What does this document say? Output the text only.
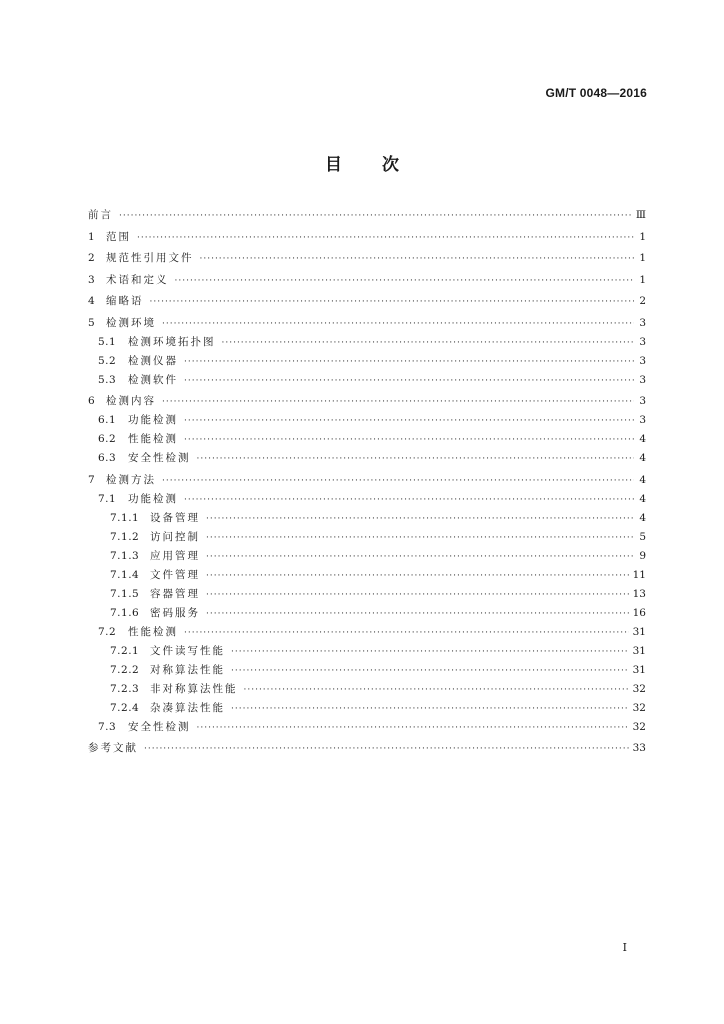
GM/T 0048—2016
目次
前言 ·····	Ⅲ
1	范围 ·····	1
2	规范性引用文件 ·····	1
3	术语和定义 ·····	1
4	缩略语 ·····	2
5	检测环境 ·····	3
5.1	检测环境拓扑图 ·····	3
5.2	检测仪器 ·····	3
5.3	检测软件 ·····	3
6	检测内容 ·····	3
6.1	功能检测 ·····	3
6.2	性能检测 ·····	4
6.3	安全性检测 ·····	4
7	检测方法 ·····	4
7.1	功能检测 ·····	4
7.1.1	设备管理 ·····	4
7.1.2	访问控制 ·····	5
7.1.3	应用管理 ·····	9
7.1.4	文件管理 ·····	11
7.1.5	容器管理 ·····	13
7.1.6	密码服务 ·····	16
7.2	性能检测 ·····	31
7.2.1	文件读写性能 ·····	31
7.2.2	对称算法性能 ·····	31
7.2.3	非对称算法性能 ·····	32
7.2.4	杂凑算法性能 ·····	32
7.3	安全性检测 ·····	32
参考文献 ·····	33
I
